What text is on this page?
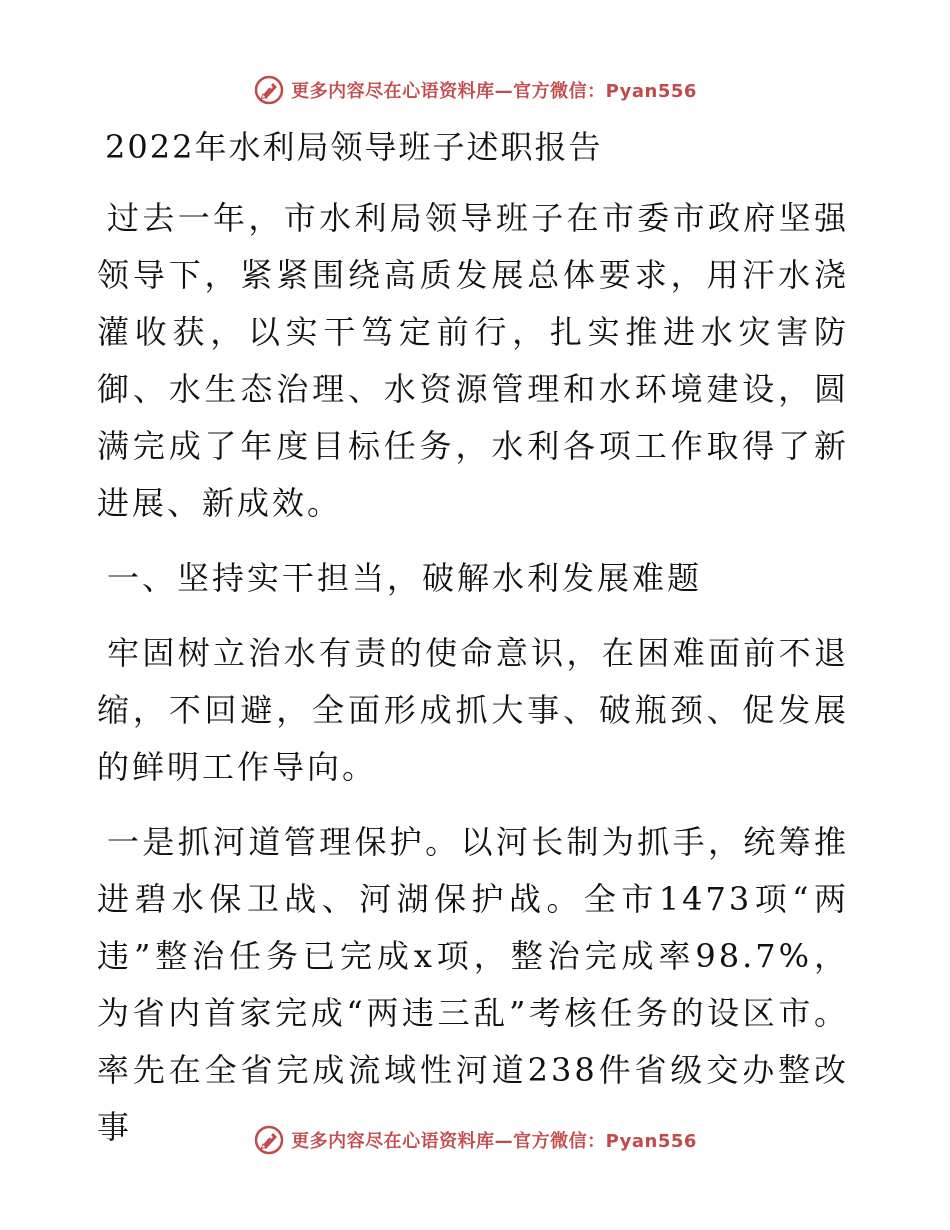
更多内容尽在心语资料库—官方微信：Pyan556
2022年水利局领导班子述职报告

过去一年，市水利局领导班子在市委市政府坚强领导下，紧紧围绕高质发展总体要求，用汗水浇灌收获，以实干笃定前行，扎实推进水灾害防御、水生态治理、水资源管理和水环境建设，圆满完成了年度目标任务，水利各项工作取得了新进展、新成效。

一、坚持实干担当，破解水利发展难题

牢固树立治水有责的使命意识，在困难面前不退缩，不回避，全面形成抓大事、破瓶颈、促发展的鲜明工作导向。

一是抓河道管理保护。以河长制为抓手，统筹推进碧水保卫战、河湖保护战。全市1473项“两违”整治任务已完成x项，整治完成率98.7%，为省内首家完成“两违三乱”考核任务的设区市。率先在全省完成流域性河道238件省级交办整改事	更多内容尽在心语资料库—官方微信：Pyan556
